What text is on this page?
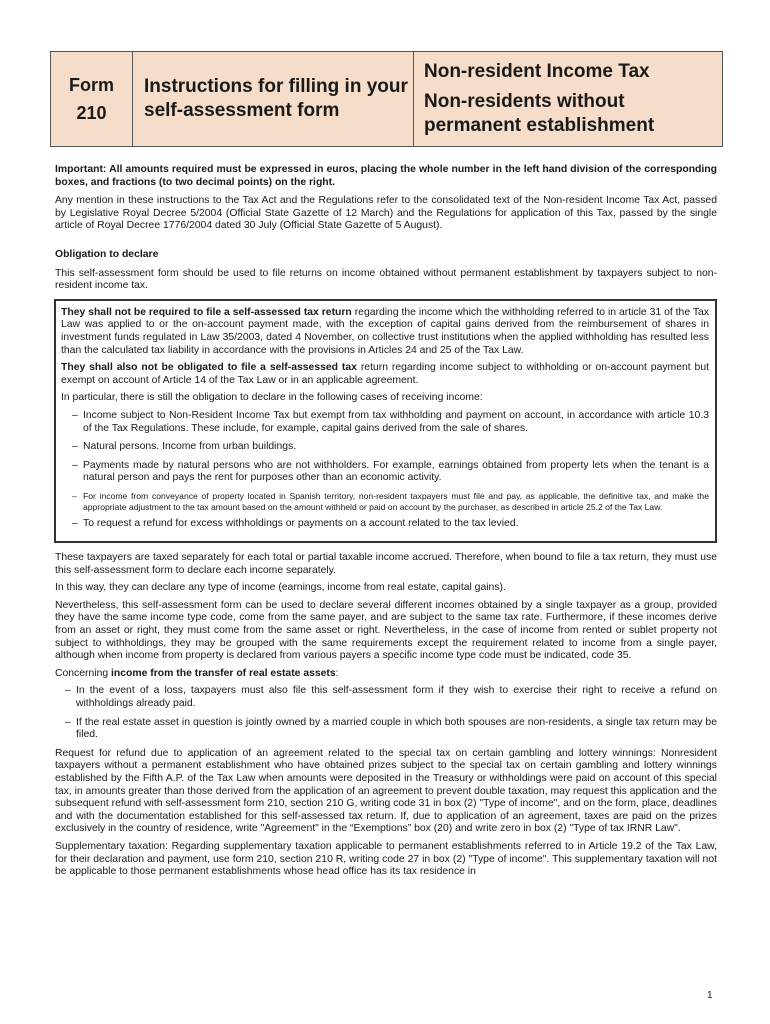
Form
210
Instructions for filling in your self-assessment form
Non-resident Income Tax
Non-residents without permanent establishment

Important: All amounts required must be expressed in euros, placing the whole number in the left hand division of the corresponding boxes, and fractions (to two decimal points) on the right.

Any mention in these instructions to the Tax Act and the Regulations refer to the consolidated text of the Non-resident Income Tax Act, passed by Legislative Royal Decree 5/2004 (Official State Gazette of 12 March) and the Regulations for application of this Tax, passed by the single article of Royal Decree 1776/2004 dated 30 July (Official State Gazette of 5 August).

Obligation to declare

This self-assessment form should be used to file returns on income obtained without permanent establishment by taxpayers subject to non-resident income tax.

They shall not be required to file a self-assessed tax return regarding the income which the withholding referred to in article 31 of the Tax Law was applied to or the on-account payment made, with the exception of capital gains derived from the reimbursement of shares in investment funds regulated in Law 35/2003, dated 4 November, on collective trust institutions when the applied withholding has resulted less than the calculated tax liability in accordance with the provisions in Articles 24 and 25 of the Tax Law.

They shall also not be obligated to file a self-assessed tax return regarding income subject to withholding or on-account payment but exempt on account of Article 14 of the Tax Law or in an applicable agreement.

In particular, there is still the obligation to declare in the following cases of receiving income:

– Income subject to Non-Resident Income Tax but exempt from tax withholding and payment on account, in accordance with article 10.3 of the Tax Regulations. These include, for example, capital gains derived from the sale of shares.
– Natural persons. Income from urban buildings.
– Payments made by natural persons who are not withholders. For example, earnings obtained from property lets when the tenant is a natural person and pays the rent for purposes other than an economic activity.
– For income from conveyance of property located in Spanish territory, non-resident taxpayers must file and pay, as applicable, the definitive tax, and make the appropriate adjustment to the tax amount based on the amount withheld or paid on account by the purchaser, as described in article 25.2 of the Tax Law.
– To request a refund for excess withholdings or payments on a account related to the tax levied.

These taxpayers are taxed separately for each total or partial taxable income accrued. Therefore, when bound to file a tax return, they must use this self-assessment form to declare each income separately.

In this way, they can declare any type of income (earnings, income from real estate, capital gains).

Nevertheless, this self-assessment form can be used to declare several different incomes obtained by a single taxpayer as a group, provided they have the same income type code, come from the same payer, and are subject to the same tax rate. Furthermore, if these incomes derive from an asset or right, they must come from the same asset or right. Nevertheless, in the case of income from rented or sublet property not subject to withholdings, they may be grouped with the same requirements except the requirement related to income from a single payer, although when income from property is declared from various payers a specific income type code must be indicated, code 35.

Concerning income from the transfer of real estate assets:

– In the event of a loss, taxpayers must also file this self-assessment form if they wish to exercise their right to receive a refund on withholdings already paid.
– If the real estate asset in question is jointly owned by a married couple in which both spouses are non-residents, a single tax return may be filed.

Request for refund due to application of an agreement related to the special tax on certain gambling and lottery winnings: Nonresident taxpayers without a permanent establishment who have obtained prizes subject to the special tax on certain gambling and lottery winnings established by the Fifth A.P. of the Tax Law when amounts were deposited in the Treasury or withholdings were paid on account of this special tax, in amounts greater than those derived from the application of an agreement to prevent double taxation, may request this application and the subsequent refund with self-assessment form 210, section 210 G, writing code 31 in box (2) "Type of income", and on the form, place, deadlines and with the documentation established for this self-assessed tax return. If, due to application of an agreement, taxes are paid on the prizes exclusively in the country of residence, write "Agreement" in the “Exemptions” box (20) and write zero in box (2) "Type of tax IRNR Law".

Supplementary taxation: Regarding supplementary taxation applicable to permanent establishments referred to in Article 19.2 of the Tax Law, for their declaration and payment, use form 210, section 210 R, writing code 27 in box (2) "Type of income". This supplementary taxation will not be applicable to those permanent establishments whose head office has its tax residence in

1
